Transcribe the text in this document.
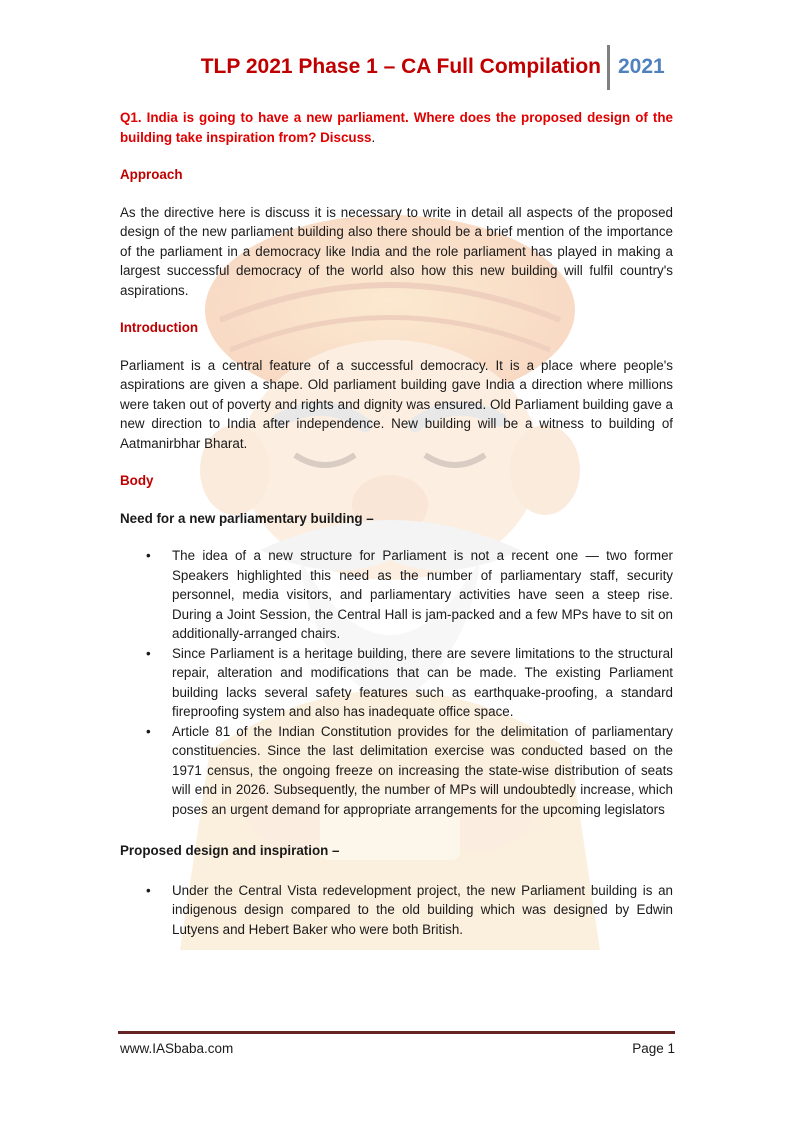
TLP 2021 Phase 1 – CA Full Compilation 2021

Q1. India is going to have a new parliament. Where does the proposed design of the building take inspiration from? Discuss.

Approach

As the directive here is discuss it is necessary to write in detail all aspects of the proposed design of the new parliament building also there should be a brief mention of the importance of the parliament in a democracy like India and the role parliament has played in making a largest successful democracy of the world also how this new building will fulfil country's aspirations.

Introduction

Parliament is a central feature of a successful democracy. It is a place where people's aspirations are given a shape. Old parliament building gave India a direction where millions were taken out of poverty and rights and dignity was ensured. Old Parliament building gave a new direction to India after independence. New building will be a witness to building of Aatmanirbhar Bharat.

Body

Need for a new parliamentary building –

• The idea of a new structure for Parliament is not a recent one — two former Speakers highlighted this need as the number of parliamentary staff, security personnel, media visitors, and parliamentary activities have seen a steep rise. During a Joint Session, the Central Hall is jam-packed and a few MPs have to sit on additionally-arranged chairs.
• Since Parliament is a heritage building, there are severe limitations to the structural repair, alteration and modifications that can be made. The existing Parliament building lacks several safety features such as earthquake-proofing, a standard fireproofing system and also has inadequate office space.
• Article 81 of the Indian Constitution provides for the delimitation of parliamentary constituencies. Since the last delimitation exercise was conducted based on the 1971 census, the ongoing freeze on increasing the state-wise distribution of seats will end in 2026. Subsequently, the number of MPs will undoubtedly increase, which poses an urgent demand for appropriate arrangements for the upcoming legislators

Proposed design and inspiration –

• Under the Central Vista redevelopment project, the new Parliament building is an indigenous design compared to the old building which was designed by Edwin Lutyens and Hebert Baker who were both British.
www.IASbaba.com	Page 1
